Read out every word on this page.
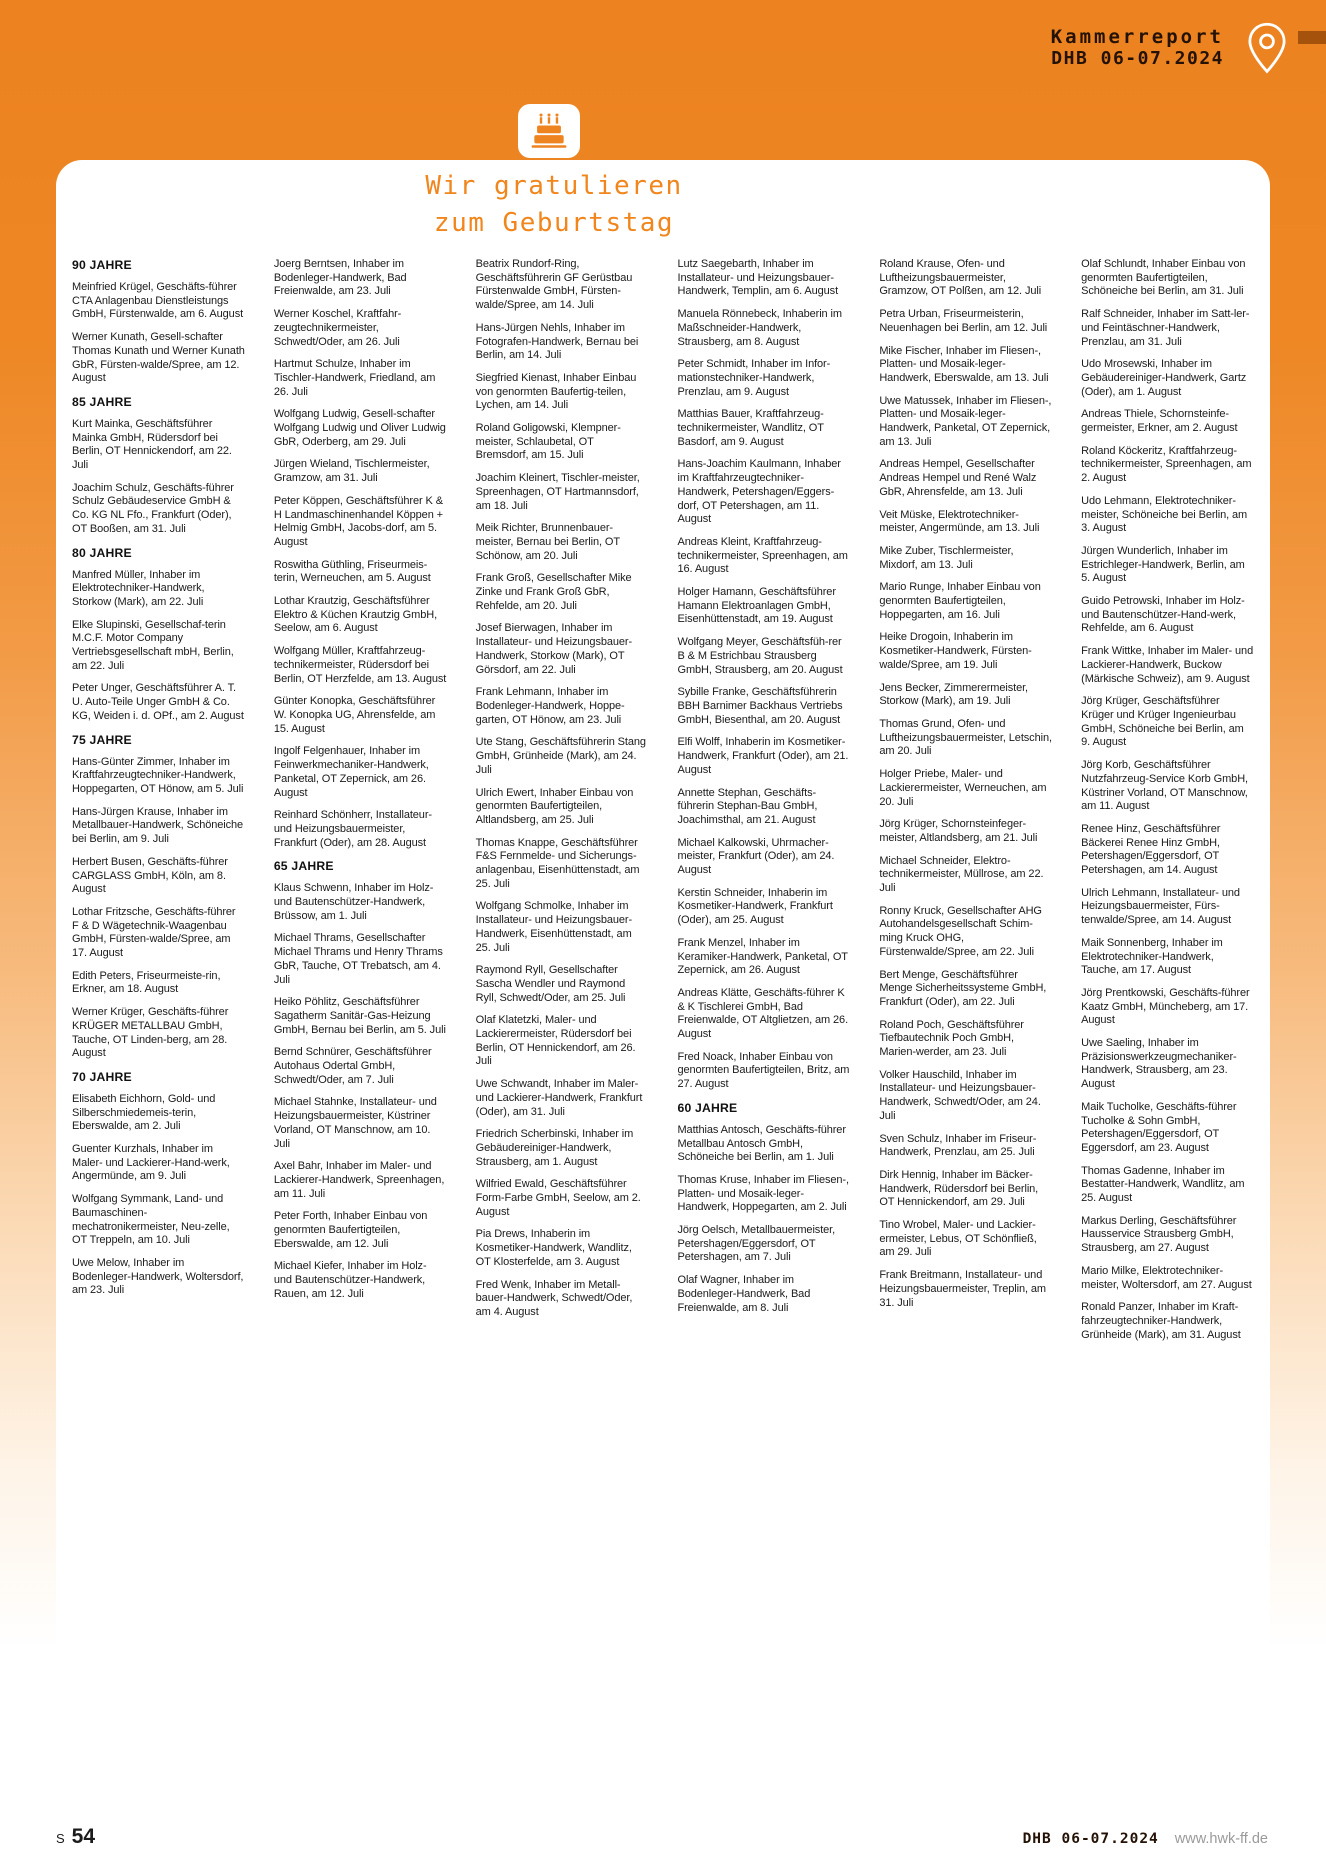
Kammerreport
DHB 06-07.2024
Wir gratulieren
zum Geburtstag
90 JAHRE
Meinfried Krügel, Geschäfts-führer CTA Anlagenbau Dienstleistungs GmbH, Fürstenwalde, am 6. August
Werner Kunath, Gesell-schafter Thomas Kunath und Werner Kunath GbR, Fürsten-walde/Spree, am 12. August
85 JAHRE
Kurt Mainka, Geschäftsführer Mainka GmbH, Rüdersdorf bei Berlin, OT Hennickendorf, am 22. Juli
Joachim Schulz, Geschäfts-führer Schulz Gebäudeservice GmbH & Co. KG NL Ffo., Frankfurt (Oder), OT Booßen, am 31. Juli
80 JAHRE
Manfred Müller, Inhaber im Elektrotechniker-Handwerk, Storkow (Mark), am 22. Juli
Elke Slupinski, Gesellschaf-terin M.C.F. Motor Company Vertriebsgesellschaft mbH, Berlin, am 22. Juli
Peter Unger, Geschäftsführer A. T. U. Auto-Teile Unger GmbH & Co. KG, Weiden i. d. OPf., am 2. August
75 JAHRE
Hans-Günter Zimmer, Inhaber im Kraftfahrzeugtechniker-Handwerk, Hoppegarten, OT Hönow, am 5. Juli
Hans-Jürgen Krause, Inhaber im Metallbauer-Handwerk, Schöneiche bei Berlin, am 9. Juli
Herbert Busen, Geschäfts-führer CARGLASS GmbH, Köln, am 8. August
Lothar Fritzsche, Geschäfts-führer F & D Wägetechnik-Waagenbau GmbH, Fürsten-walde/Spree, am 17. August
Edith Peters, Friseurmeiste-rin, Erkner, am 18. August
Werner Krüger, Geschäfts-führer KRÜGER METALLBAU GmbH, Tauche, OT Linden-berg, am 28. August
70 JAHRE
Elisabeth Eichhorn, Gold- und Silberschmiedemeis-terin, Eberswalde, am 2. Juli
Guenter Kurzhals, Inhaber im Maler- und Lackierer-Hand-werk, Angermünde, am 9. Juli
Wolfgang Symmank, Land- und Baumaschinen-mechatronikermeister, Neu-zelle, OT Treppeln, am 10. Juli
Uwe Melow, Inhaber im Bodenleger-Handwerk, Woltersdorf, am 23. Juli
Joerg Berntsen, Inhaber im Bodenleger-Handwerk, Bad Freienwalde, am 23. Juli
Werner Koschel, Kraftfahr-zeugtechnikermeister, Schwedt/Oder, am 26. Juli
Hartmut Schulze, Inhaber im Tischler-Handwerk, Friedland, am 26. Juli
Wolfgang Ludwig, Gesell-schafter Wolfgang Ludwig und Oliver Ludwig GbR, Oderberg, am 29. Juli
Jürgen Wieland, Tischlermeister, Gramzow, am 31. Juli
Peter Köppen, Geschäftsführer K & H Landmaschinenhandel Köppen + Helmig GmbH, Jacobs-dorf, am 5. August
Roswitha Güthling, Friseurmeis-terin, Werneuchen, am 5. August
Lothar Krautzig, Geschäftsführer Elektro & Küchen Krautzig GmbH, Seelow, am 6. August
Wolfgang Müller, Kraftfahrzeug-technikermeister, Rüdersdorf bei Berlin, OT Herzfelde, am 13. August
Günter Konopka, Geschäftsführer W. Konopka UG, Ahrensfelde, am 15. August
Ingolf Felgenhauer, Inhaber im Feinwerkmechaniker-Handwerk, Panketal, OT Zepernick, am 26. August
Reinhard Schönherr, Installateur- und Heizungsbauermeister, Frankfurt (Oder), am 28. August
65 JAHRE
Klaus Schwenn, Inhaber im Holz- und Bautenschützer-Handwerk, Brüssow, am 1. Juli
Michael Thrams, Gesellschafter Michael Thrams und Henry Thrams GbR, Tauche, OT Trebatsch, am 4. Juli
Heiko Pöhlitz, Geschäftsführer Sagatherm Sanitär-Gas-Heizung GmbH, Bernau bei Berlin, am 5. Juli
Bernd Schnürer, Geschäftsführer Autohaus Odertal GmbH, Schwedt/Oder, am 7. Juli
Michael Stahnke, Installateur- und Heizungsbauermeister, Küstriner Vorland, OT Manschnow, am 10. Juli
Axel Bahr, Inhaber im Maler- und Lackierer-Handwerk, Spreenhagen, am 11. Juli
Peter Forth, Inhaber Einbau von genormten Baufertigteilen, Eberswalde, am 12. Juli
Michael Kiefer, Inhaber im Holz- und Bautenschützer-Handwerk, Rauen, am 12. Juli
Beatrix Rundorf-Ring, Geschäftsführerin GF Gerüstbau Fürstenwalde GmbH, Fürsten-walde/Spree, am 14. Juli
Hans-Jürgen Nehls, Inhaber im Fotografen-Handwerk, Bernau bei Berlin, am 14. Juli
Siegfried Kienast, Inhaber Einbau von genormten Baufertig-teilen, Lychen, am 14. Juli
Roland Goligowski, Klempner-meister, Schlaubetal, OT Bremsdorf, am 15. Juli
Joachim Kleinert, Tischler-meister, Spreenhagen, OT Hartmannsdorf, am 18. Juli
Meik Richter, Brunnenbauer-meister, Bernau bei Berlin, OT Schönow, am 20. Juli
Frank Groß, Gesellschafter Mike Zinke und Frank Groß GbR, Rehfelde, am 20. Juli
Josef Bierwagen, Inhaber im Installateur- und Heizungsbauer-Handwerk, Storkow (Mark), OT Görsdorf, am 22. Juli
Frank Lehmann, Inhaber im Bodenleger-Handwerk, Hoppe-garten, OT Hönow, am 23. Juli
Ute Stang, Geschäftsführerin Stang GmbH, Grünheide (Mark), am 24. Juli
Ulrich Ewert, Inhaber Einbau von genormten Baufertigteilen, Altlandsberg, am 25. Juli
Thomas Knappe, Geschäftsführer F&S Fernmelde- und Sicherungs-anlagenbau, Eisenhüttenstadt, am 25. Juli
Wolfgang Schmolke, Inhaber im Installateur- und Heizungsbauer-Handwerk, Eisenhüttenstadt, am 25. Juli
Raymond Ryll, Gesellschafter Sascha Wendler und Raymond Ryll, Schwedt/Oder, am 25. Juli
Olaf Klatetzki, Maler- und Lackierermeister, Rüdersdorf bei Berlin, OT Hennickendorf, am 26. Juli
Uwe Schwandt, Inhaber im Maler- und Lackierer-Handwerk, Frankfurt (Oder), am 31. Juli
Friedrich Scherbinski, Inhaber im Gebäudereiniger-Handwerk, Strausberg, am 1. August
Wilfried Ewald, Geschäftsführer Form-Farbe GmbH, Seelow, am 2. August
Pia Drews, Inhaberin im Kosmetiker-Handwerk, Wandlitz, OT Klosterfelde, am 3. August
Fred Wenk, Inhaber im Metall-bauer-Handwerk, Schwedt/Oder, am 4. August
Lutz Saegebarth, Inhaber im Installateur- und Heizungsbauer-Handwerk, Templin, am 6. August
Manuela Rönnebeck, Inhaberin im Maßschneider-Handwerk, Strausberg, am 8. August
Peter Schmidt, Inhaber im Infor-mationstechniker-Handwerk, Prenzlau, am 9. August
Matthias Bauer, Kraftfahrzeug-technikermeister, Wandlitz, OT Basdorf, am 9. August
Hans-Joachim Kaulmann, Inhaber im Kraftfahrzeugtechniker-Handwerk, Petershagen/Eggers-dorf, OT Petershagen, am 11. August
Andreas Kleint, Kraftfahrzeug-technikermeister, Spreenhagen, am 16. August
Holger Hamann, Geschäftsführer Hamann Elektroanlagen GmbH, Eisenhüttenstadt, am 19. August
Wolfgang Meyer, Geschäftsfüh-rer B & M Estrichbau Strausberg GmbH, Strausberg, am 20. August
Sybille Franke, Geschäftsführerin BBH Barnimer Backhaus Vertriebs GmbH, Biesenthal, am 20. August
Elfi Wolff, Inhaberin im Kosmetiker-Handwerk, Frankfurt (Oder), am 21. August
Annette Stephan, Geschäfts-führerin Stephan-Bau GmbH, Joachimsthal, am 21. August
Michael Kalkowski, Uhrmacher-meister, Frankfurt (Oder), am 24. August
Kerstin Schneider, Inhaberin im Kosmetiker-Handwerk, Frankfurt (Oder), am 25. August
Frank Menzel, Inhaber im Keramiker-Handwerk, Panketal, OT Zepernick, am 26. August
Andreas Klätte, Geschäfts-führer K & K Tischlerei GmbH, Bad Freienwalde, OT Altglietzen, am 26. August
Fred Noack, Inhaber Einbau von genormten Baufertigteilen, Britz, am 27. August
60 JAHRE
Matthias Antosch, Geschäfts-führer Metallbau Antosch GmbH, Schöneiche bei Berlin, am 1. Juli
Thomas Kruse, Inhaber im Fliesen-, Platten- und Mosaik-leger-Handwerk, Hoppegarten, am 2. Juli
Jörg Oelsch, Metallbauermeister, Petershagen/Eggersdorf, OT Petershagen, am 7. Juli
Olaf Wagner, Inhaber im Bodenleger-Handwerk, Bad Freienwalde, am 8. Juli
Roland Krause, Ofen- und Luftheizungsbauermeister, Gramzow, OT Polßen, am 12. Juli
Petra Urban, Friseurmeisterin, Neuenhagen bei Berlin, am 12. Juli
Mike Fischer, Inhaber im Fliesen-, Platten- und Mosaik-leger-Handwerk, Eberswalde, am 13. Juli
Uwe Matussek, Inhaber im Fliesen-, Platten- und Mosaik-leger-Handwerk, Panketal, OT Zepernick, am 13. Juli
Andreas Hempel, Gesellschafter Andreas Hempel und René Walz GbR, Ahrensfelde, am 13. Juli
Veit Müske, Elektrotechniker-meister, Angermünde, am 13. Juli
Mike Zuber, Tischlermeister, Mixdorf, am 13. Juli
Mario Runge, Inhaber Einbau von genormten Baufertigteilen, Hoppegarten, am 16. Juli
Heike Drogoin, Inhaberin im Kosmetiker-Handwerk, Fürsten-walde/Spree, am 19. Juli
Jens Becker, Zimmerermeister, Storkow (Mark), am 19. Juli
Thomas Grund, Ofen- und Luftheizungsbauermeister, Letschin, am 20. Juli
Holger Priebe, Maler- und Lackierermeister, Werneuchen, am 20. Juli
Jörg Krüger, Schornsteinfeger-meister, Altlandsberg, am 21. Juli
Michael Schneider, Elektro-technikermeister, Müllrose, am 22. Juli
Ronny Kruck, Gesellschafter AHG Autohandelsgesellschaft Schim-ming Kruck OHG, Fürstenwalde/Spree, am 22. Juli
Bert Menge, Geschäftsführer Menge Sicherheitssysteme GmbH, Frankfurt (Oder), am 22. Juli
Roland Poch, Geschäftsführer Tiefbautechnik Poch GmbH, Marien-werder, am 23. Juli
Volker Hauschild, Inhaber im Installateur- und Heizungsbauer-Handwerk, Schwedt/Oder, am 24. Juli
Sven Schulz, Inhaber im Friseur-Handwerk, Prenzlau, am 25. Juli
Dirk Hennig, Inhaber im Bäcker-Handwerk, Rüdersdorf bei Berlin, OT Hennickendorf, am 29. Juli
Tino Wrobel, Maler- und Lackier-ermeister, Lebus, OT Schönfließ, am 29. Juli
Frank Breitmann, Installateur- und Heizungsbauermeister, Treplin, am 31. Juli
Olaf Schlundt, Inhaber Einbau von genormten Baufertigteilen, Schöneiche bei Berlin, am 31. Juli
Ralf Schneider, Inhaber im Satt-ler- und Feintäschner-Handwerk, Prenzlau, am 31. Juli
Udo Mrosewski, Inhaber im Gebäudereiniger-Handwerk, Gartz (Oder), am 1. August
Andreas Thiele, Schornsteinfe-germeister, Erkner, am 2. August
Roland Köckeritz, Kraftfahrzeug-technikermeister, Spreenhagen, am 2. August
Udo Lehmann, Elektrotechniker-meister, Schöneiche bei Berlin, am 3. August
Jürgen Wunderlich, Inhaber im Estrichleger-Handwerk, Berlin, am 5. August
Guido Petrowski, Inhaber im Holz- und Bautenschützer-Hand-werk, Rehfelde, am 6. August
Frank Wittke, Inhaber im Maler- und Lackierer-Handwerk, Buckow (Märkische Schweiz), am 9. August
Jörg Krüger, Geschäftsführer Krüger und Krüger Ingenieurbau GmbH, Schöneiche bei Berlin, am 9. August
Jörg Korb, Geschäftsführer Nutzfahrzeug-Service Korb GmbH, Küstriner Vorland, OT Manschnow, am 11. August
Renee Hinz, Geschäftsführer Bäckerei Renee Hinz GmbH, Petershagen/Eggersdorf, OT Petershagen, am 14. August
Ulrich Lehmann, Installateur- und Heizungsbauermeister, Fürs-tenwalde/Spree, am 14. August
Maik Sonnenberg, Inhaber im Elektrotechniker-Handwerk, Tauche, am 17. August
Jörg Prentkowski, Geschäfts-führer Kaatz GmbH, Müncheberg, am 17. August
Uwe Saeling, Inhaber im Präzisionswerkzeugmechaniker-Handwerk, Strausberg, am 23. August
Maik Tucholke, Geschäfts-führer Tucholke & Sohn GmbH, Petershagen/Eggersdorf, OT Eggersdorf, am 23. August
Thomas Gadenne, Inhaber im Bestatter-Handwerk, Wandlitz, am 25. August
Markus Derling, Geschäftsführer Hausservice Strausberg GmbH, Strausberg, am 27. August
Mario Milke, Elektrotechniker-meister, Woltersdorf, am 27. August
Ronald Panzer, Inhaber im Kraft-fahrzeugtechniker-Handwerk, Grünheide (Mark), am 31. August
S 54	DHB 06-07.2024 www.hwk-ff.de
